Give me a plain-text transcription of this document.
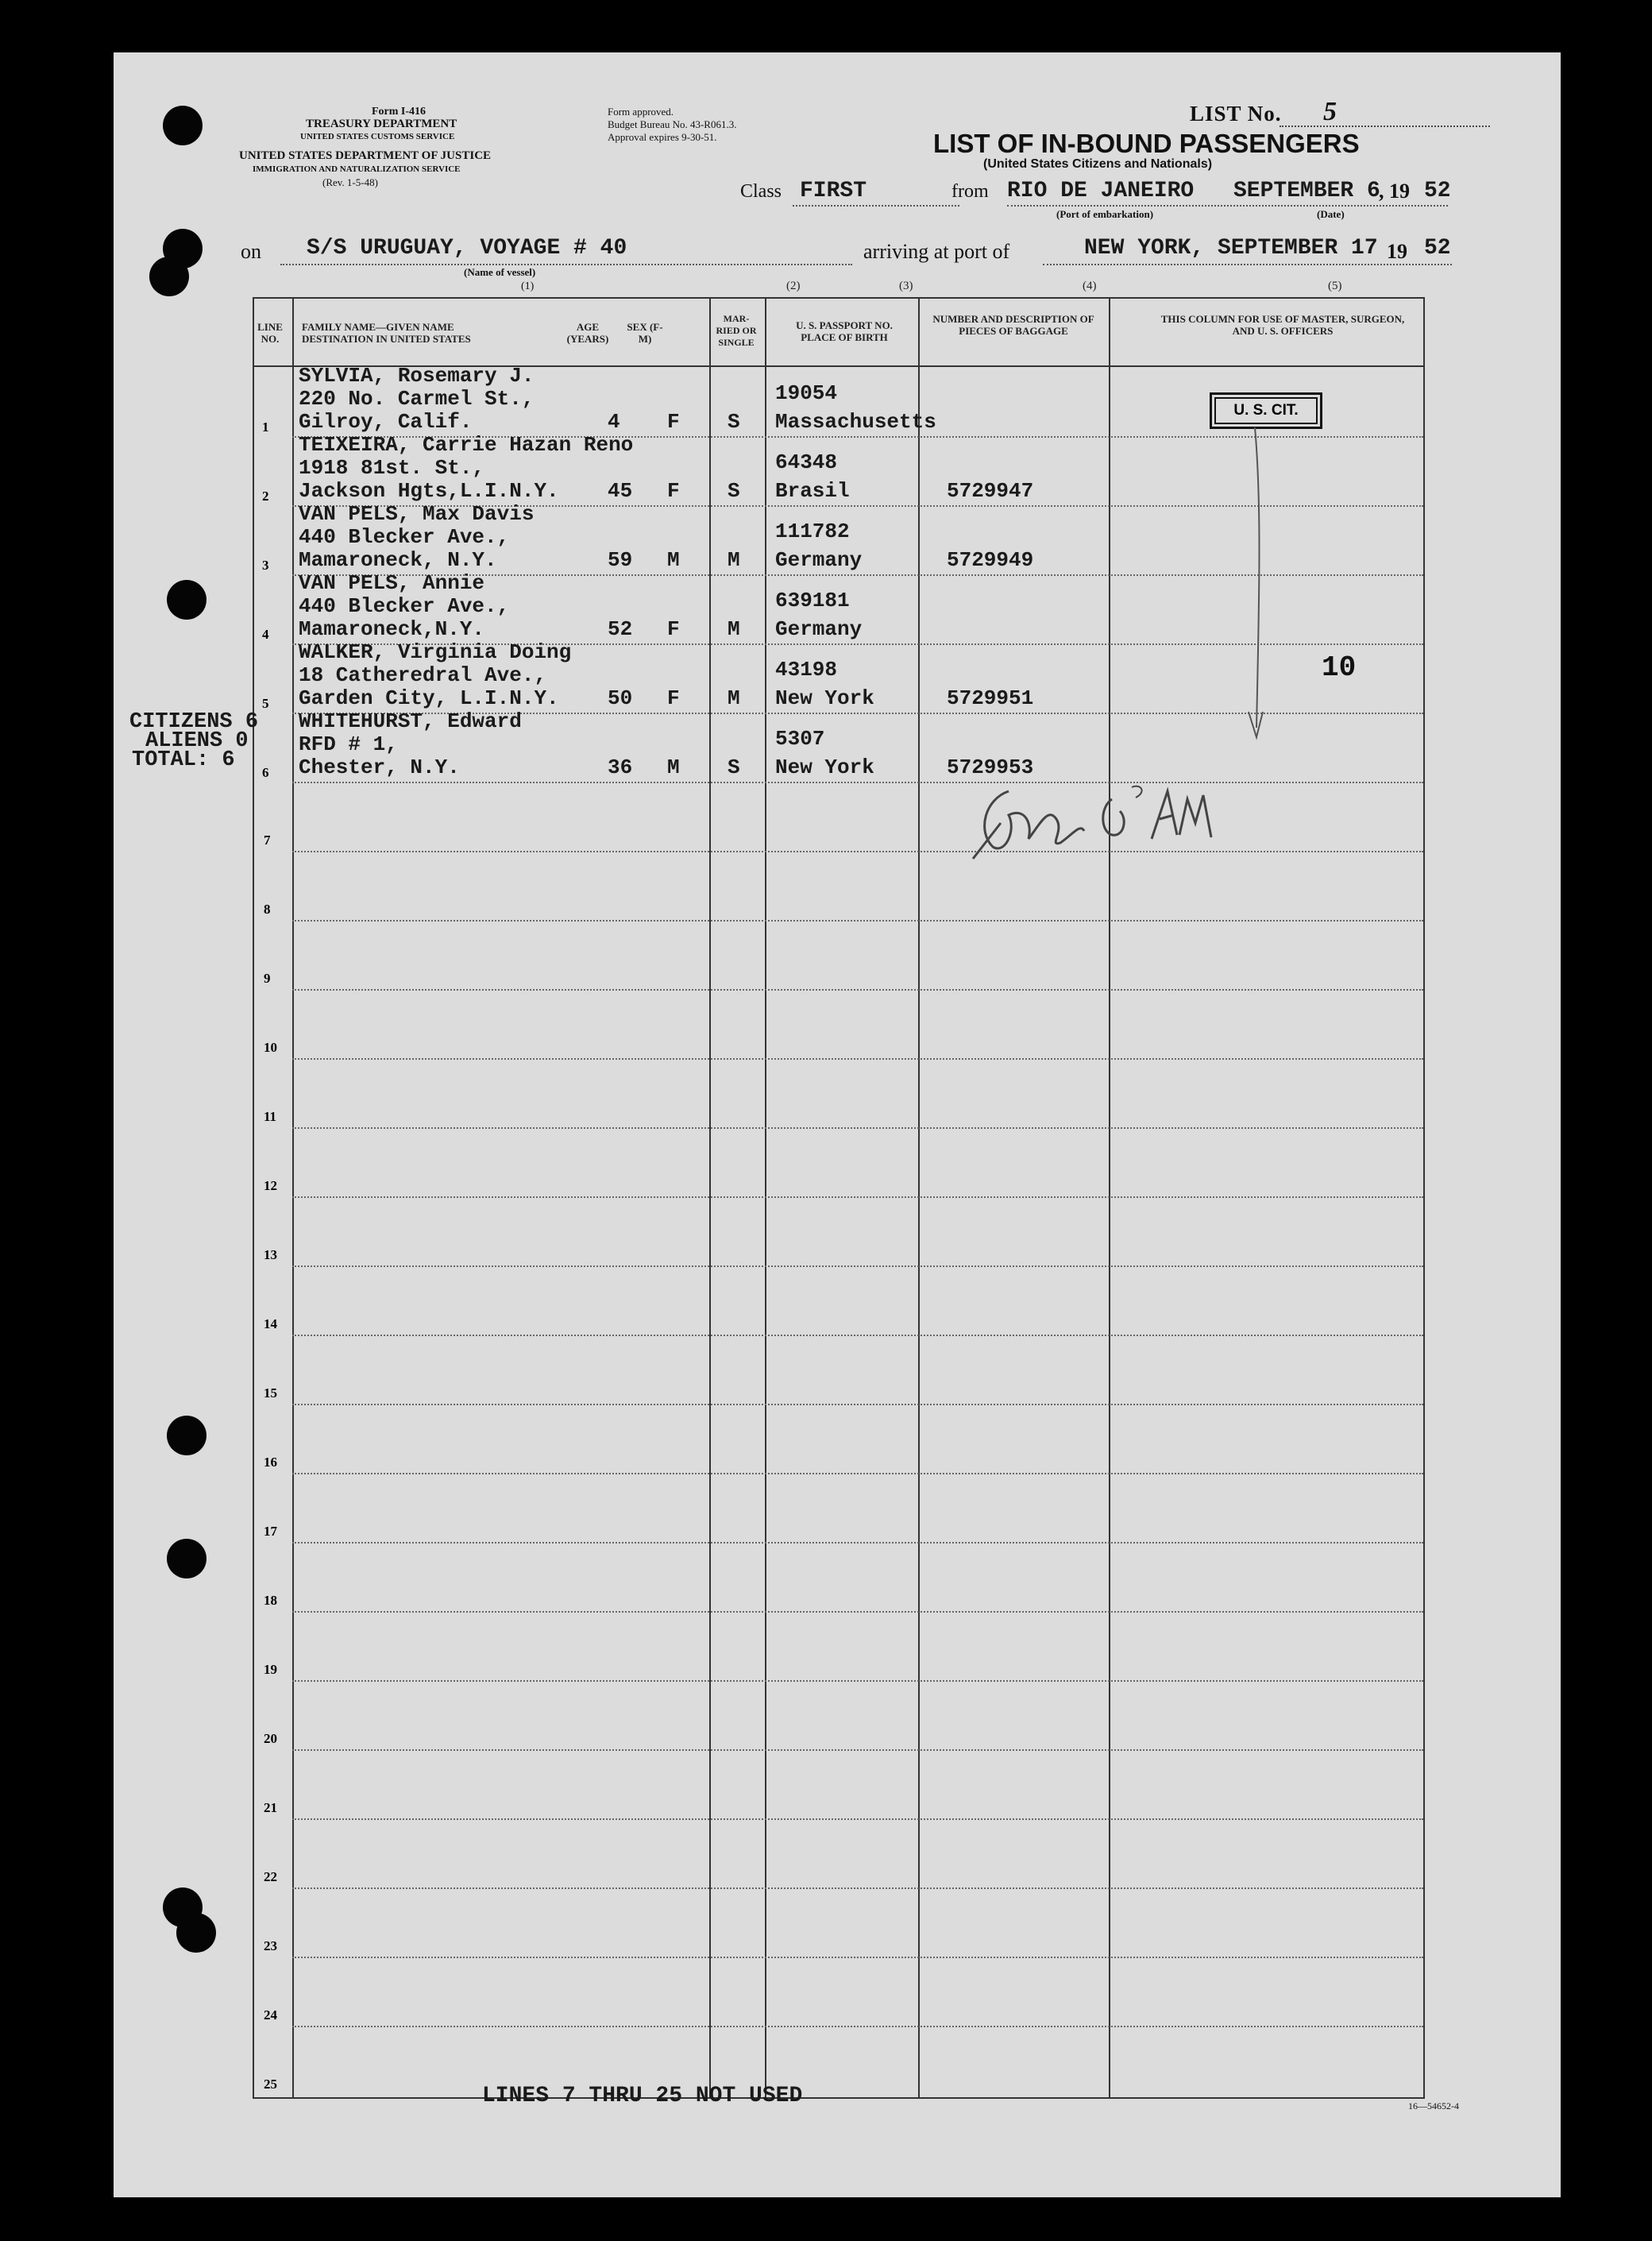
Form I-416
TREASURY DEPARTMENT
UNITED STATES CUSTOMS SERVICE
UNITED STATES DEPARTMENT OF JUSTICE
IMMIGRATION AND NATURALIZATION SERVICE
(Rev. 1-5-48)
Form approved.
Budget Bureau No. 43-R061.3.
Approval expires 9-30-51.
LIST No. 5
LIST OF IN-BOUND PASSENGERS
(United States Citizens and Nationals)
Class FIRST	from RIO DE JANEIRO SEPTEMBER 6
, 19 52
(Port of embarkation)	(Date)
on S/S URUGUAY, VOYAGE # 40
(Name of vessel)
(1)
arriving at port of	NEW YORK, SEPTEMBER 17 19 52
(2)	(3)	(4)	(5)
LINE NO.
FAMILY NAME—GIVEN NAME DESTINATION IN UNITED STATES
AGE (YEARS)
SEX (F-M)
MAR-RIED OR SINGLE
U. S. PASSPORT NO. PLACE OF BIRTH
NUMBER AND DESCRIPTION OF PIECES OF BAGGAGE
THIS COLUMN FOR USE OF MASTER, SURGEON, AND U. S. OFFICERS
1
SYLVIA, Rosemary J.
220 No. Carmel St.,
Gilroy, Calif.	4 F S
19054
Massachusetts
2
TEIXEIRA, Carrie Hazan Reno
1918 81st. St.,
Jackson Hgts,L.I.N.Y. 45 F S
64348
Brasil	5729947
3
VAN PELS, Max Davis
440 Blecker Ave.,
Mamaroneck, N.Y.	59 M M
111782
Germany	5729949
4
VAN PELS, Annie
440 Blecker Ave.,
Mamaroneck,N.Y.	52 F M
639181
Germany
5
WALKER, Virginia Doing
18 Catheredral Ave.,
Garden City, L.I.N.Y. 50 F M
43198
New York	5729951
6
WHITEHURST, Edward
RFD # 1,
Chester, N.Y.	36 M S
5307
New York	5729953
7
8
9
10
11
12
13
14
15
16
17
18
19
20
21
22
23
24
25
U. S. CIT.
10
CITIZENS 6
ALIENS 0
TOTAL: 6
LINES 7 THRU 25 NOT USED	16—54652-4
